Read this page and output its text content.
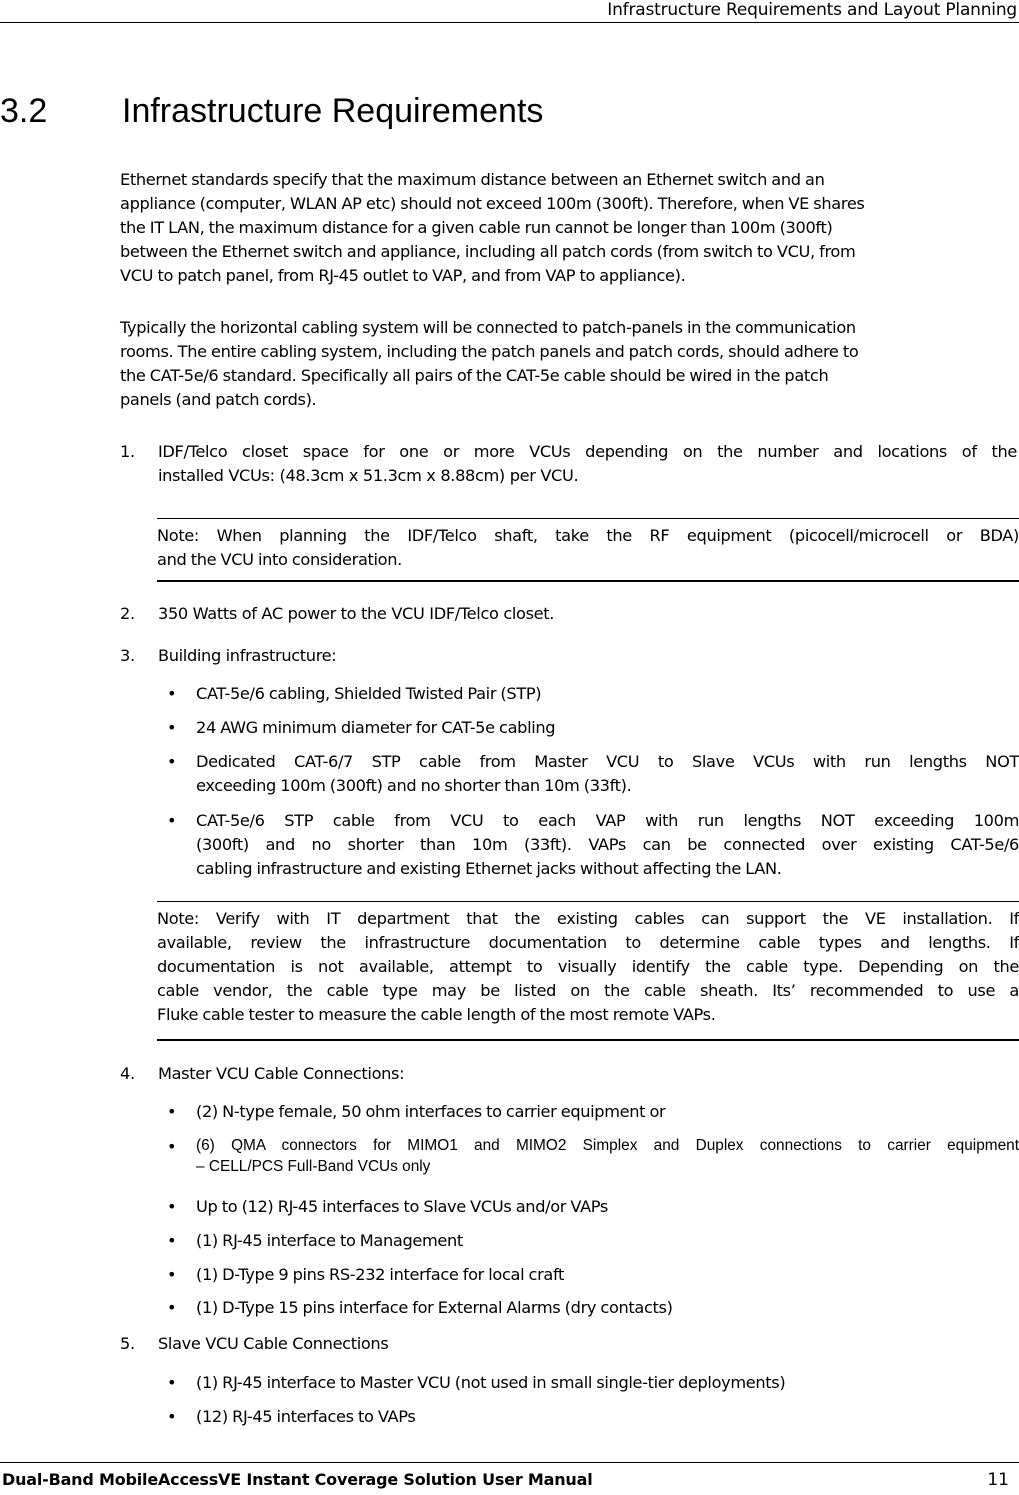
Infrastructure Requirements and Layout Planning
3.2 Infrastructure Requirements
Ethernet standards specify that the maximum distance between an Ethernet switch and an
appliance (computer, WLAN AP etc) should not exceed 100m (300ft). Therefore, when VE shares
the IT LAN, the maximum distance for a given cable run cannot be longer than 100m (300ft)
between the Ethernet switch and appliance, including all patch cords (from switch to VCU, from
VCU to patch panel, from RJ-45 outlet to VAP, and from VAP to appliance).
Typically the horizontal cabling system will be connected to patch-panels in the communication
rooms. The entire cabling system, including the patch panels and patch cords, should adhere to
the CAT-5e/6 standard. Specifically all pairs of the CAT-5e cable should be wired in the patch
panels (and patch cords).
1. IDF/Telco closet space for one or more VCUs depending on the number and locations of the
installed VCUs: (48.3cm x 51.3cm x 8.88cm) per VCU.
Note: When planning the IDF/Telco shaft, take the RF equipment (picocell/microcell or BDA)
and the VCU into consideration.
2. 350 Watts of AC power to the VCU IDF/Telco closet.
3. Building infrastructure:
• CAT-5e/6 cabling, Shielded Twisted Pair (STP)
• 24 AWG minimum diameter for CAT-5e cabling
• Dedicated CAT-6/7 STP cable from Master VCU to Slave VCUs with run lengths NOT
exceeding 100m (300ft) and no shorter than 10m (33ft).
• CAT-5e/6 STP cable from VCU to each VAP with run lengths NOT exceeding 100m
(300ft) and no shorter than 10m (33ft). VAPs can be connected over existing CAT-5e/6
cabling infrastructure and existing Ethernet jacks without affecting the LAN.
Note: Verify with IT department that the existing cables can support the VE installation. If
available, review the infrastructure documentation to determine cable types and lengths. If
documentation is not available, attempt to visually identify the cable type. Depending on the
cable vendor, the cable type may be listed on the cable sheath. Its’ recommended to use a
Fluke cable tester to measure the cable length of the most remote VAPs.
4. Master VCU Cable Connections:
• (2) N-type female, 50 ohm interfaces to carrier equipment or
• (6) QMA connectors for MIMO1 and MIMO2 Simplex and Duplex connections to carrier equipment
– CELL/PCS Full-Band VCUs only
• Up to (12) RJ-45 interfaces to Slave VCUs and/or VAPs
• (1) RJ-45 interface to Management
• (1) D-Type 9 pins RS-232 interface for local craft
• (1) D-Type 15 pins interface for External Alarms (dry contacts)
5. Slave VCU Cable Connections
• (1) RJ-45 interface to Master VCU (not used in small single-tier deployments)
• (12) RJ-45 interfaces to VAPs
Dual-Band MobileAccessVE Instant Coverage Solution User Manual	11
